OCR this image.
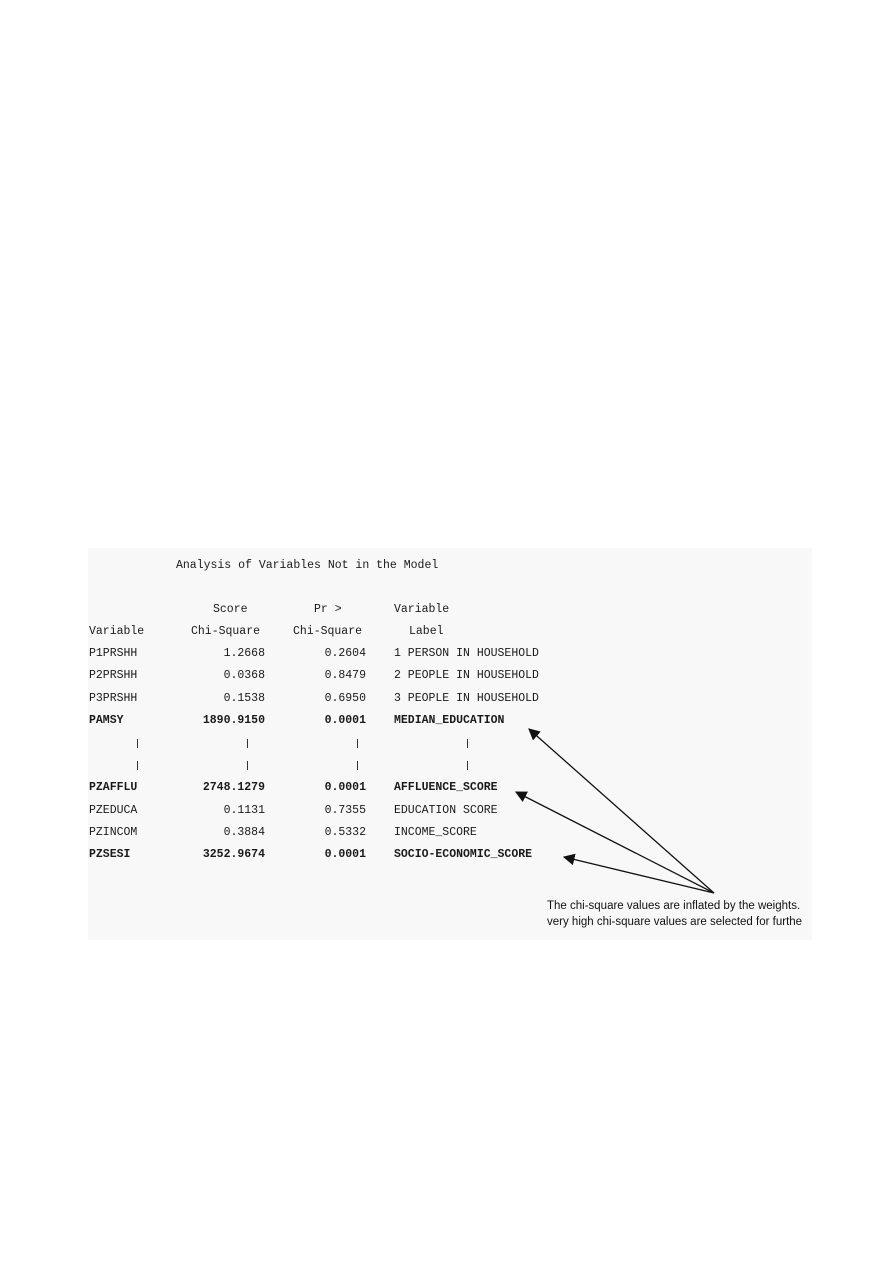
Analysis of Variables Not in the Model
Score	Pr >	Variable
Variable	Chi-Square	Chi-Square	Label
P1PRSHH	1.2668	0.2604 1 PERSON IN HOUSEHOLD
P2PRSHH	0.0368	0.8479 2 PEOPLE IN HOUSEHOLD
P3PRSHH	0.1538	0.6950 3 PEOPLE IN HOUSEHOLD
PAMSY	1890.9150	0.0001 MEDIAN_EDUCATION
PZAFFLU	2748.1279	0.0001 AFFLUENCE_SCORE
PZEDUCA	0.1131	0.7355 EDUCATION SCORE
PZINCOM	0.3884	0.5332 INCOME_SCORE
PZSESI	3252.9674	0.0001 SOCIO-ECONOMIC_SCORE
The chi-square values are inflated by the weights.
very high chi-square values are selected for furthe
